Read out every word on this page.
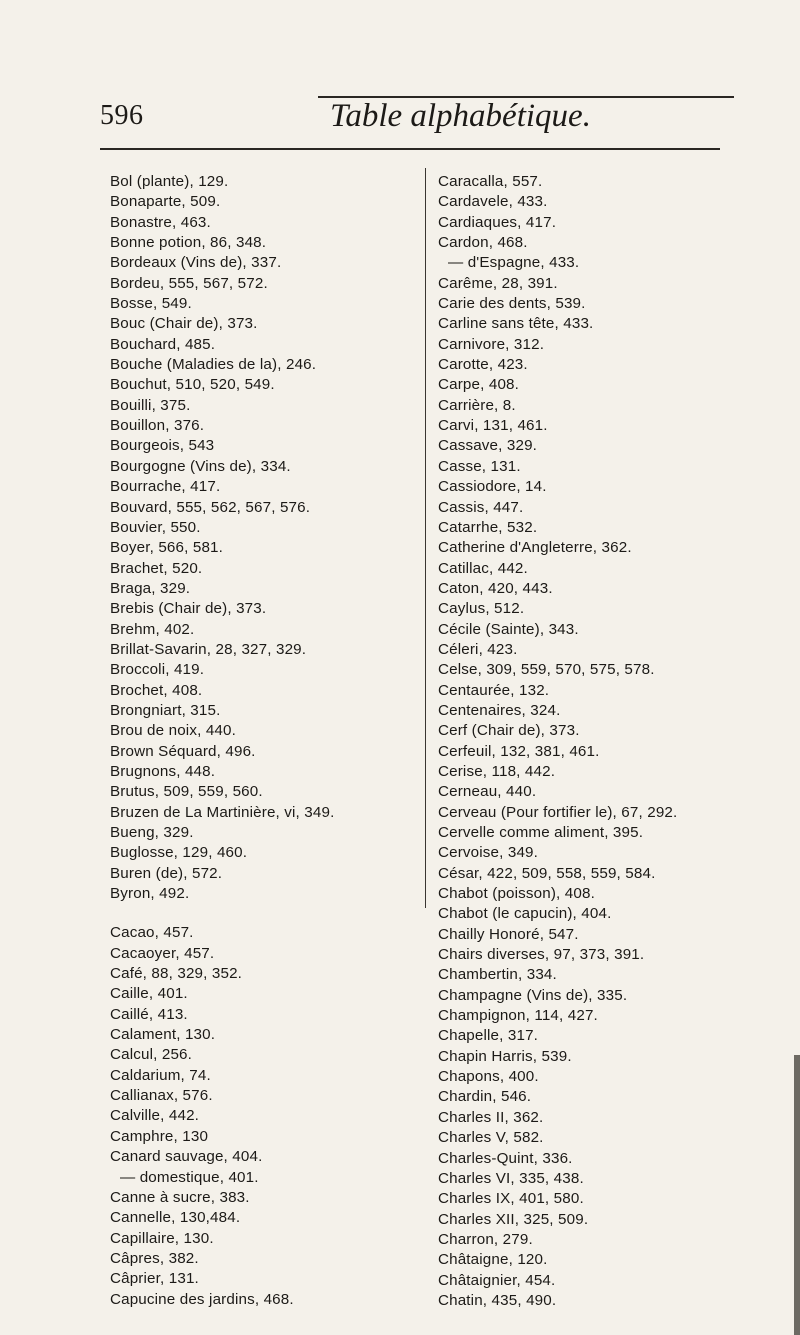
596	Table alphabétique.
Bol (plante), 129.
Bonaparte, 509.
Bonastre, 463.
Bonne potion, 86, 348.
Bordeaux (Vins de), 337.
Bordeu, 555, 567, 572.
Bosse, 549.
Bouc (Chair de), 373.
Bouchard, 485.
Bouche (Maladies de la), 246.
Bouchut, 510, 520, 549.
Bouilli, 375.
Bouillon, 376.
Bourgeois, 543
Bourgogne (Vins de), 334.
Bourrache, 417.
Bouvard, 555, 562, 567, 576.
Bouvier, 550.
Boyer, 566, 581.
Brachet, 520.
Braga, 329.
Brebis (Chair de), 373.
Brehm, 402.
Brillat-Savarin, 28, 327, 329.
Broccoli, 419.
Brochet, 408.
Brongniart, 315.
Brou de noix, 440.
Brown Séquard, 496.
Brugnons, 448.
Brutus, 509, 559, 560.
Bruzen de La Martinière, vi, 349.
Bueng, 329.
Buglosse, 129, 460.
Buren (de), 572.
Byron, 492.
Cacao, 457.
Cacaoyer, 457.
Café, 88, 329, 352.
Caille, 401.
Caillé, 413.
Calament, 130.
Calcul, 256.
Caldarium, 74.
Callianax, 576.
Calville, 442.
Camphre, 130
Canard sauvage, 404.
— domestique, 401.
Canne à sucre, 383.
Cannelle, 130,484.
Capillaire, 130.
Câpres, 382.
Câprier, 131.
Capucine des jardins, 468.
Caracalla, 557.
Cardavele, 433.
Cardiaques, 417.
Cardon, 468.
— d'Espagne, 433.
Carême, 28, 391.
Carie des dents, 539.
Carline sans tête, 433.
Carnivore, 312.
Carotte, 423.
Carpe, 408.
Carrière, 8.
Carvi, 131, 461.
Cassave, 329.
Casse, 131.
Cassiodore, 14.
Cassis, 447.
Catarrhe, 532.
Catherine d'Angleterre, 362.
Catillac, 442.
Caton, 420, 443.
Caylus, 512.
Cécile (Sainte), 343.
Céleri, 423.
Celse, 309, 559, 570, 575, 578.
Centaurée, 132.
Centenaires, 324.
Cerf (Chair de), 373.
Cerfeuil, 132, 381, 461.
Cerise, 118, 442.
Cerneau, 440.
Cerveau (Pour fortifier le), 67, 292.
Cervelle comme aliment, 395.
Cervoise, 349.
César, 422, 509, 558, 559, 584.
Chabot (poisson), 408.
Chabot (le capucin), 404.
Chailly Honoré, 547.
Chairs diverses, 97, 373, 391.
Chambertin, 334.
Champagne (Vins de), 335.
Champignon, 114, 427.
Chapelle, 317.
Chapin Harris, 539.
Chapons, 400.
Chardin, 546.
Charles II, 362.
Charles V, 582.
Charles-Quint, 336.
Charles VI, 335, 438.
Charles IX, 401, 580.
Charles XII, 325, 509.
Charron, 279.
Châtaigne, 120.
Châtaignier, 454.
Chatin, 435, 490.
